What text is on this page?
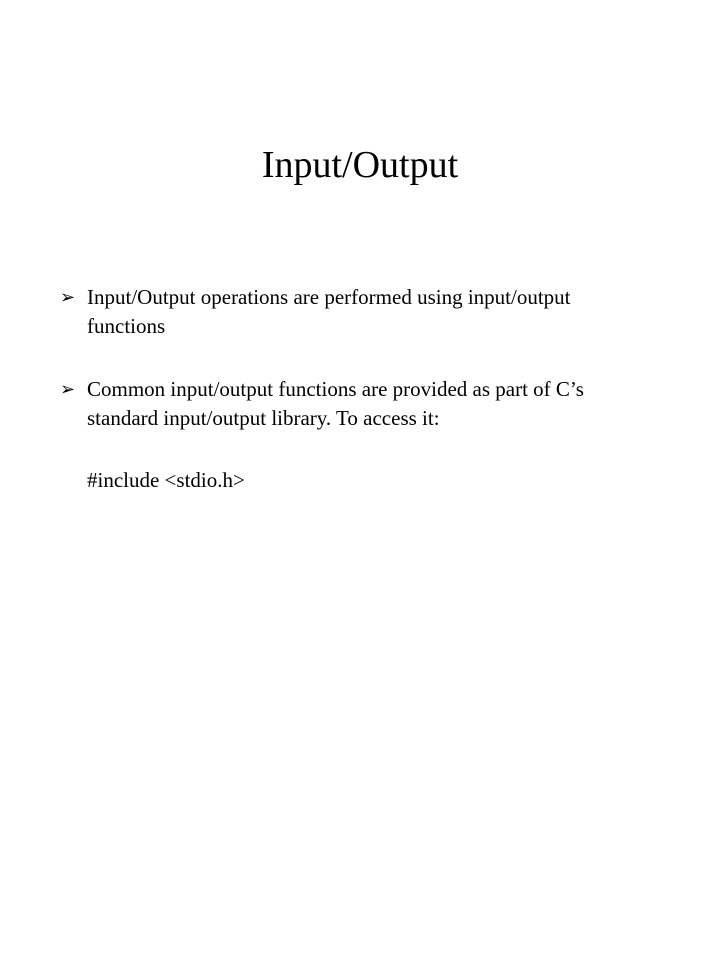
Input/Output
➢ Input/Output operations are performed using input/output functions
➢ Common input/output functions are provided as part of C’s standard input/output library. To access it:
#include <stdio.h>
